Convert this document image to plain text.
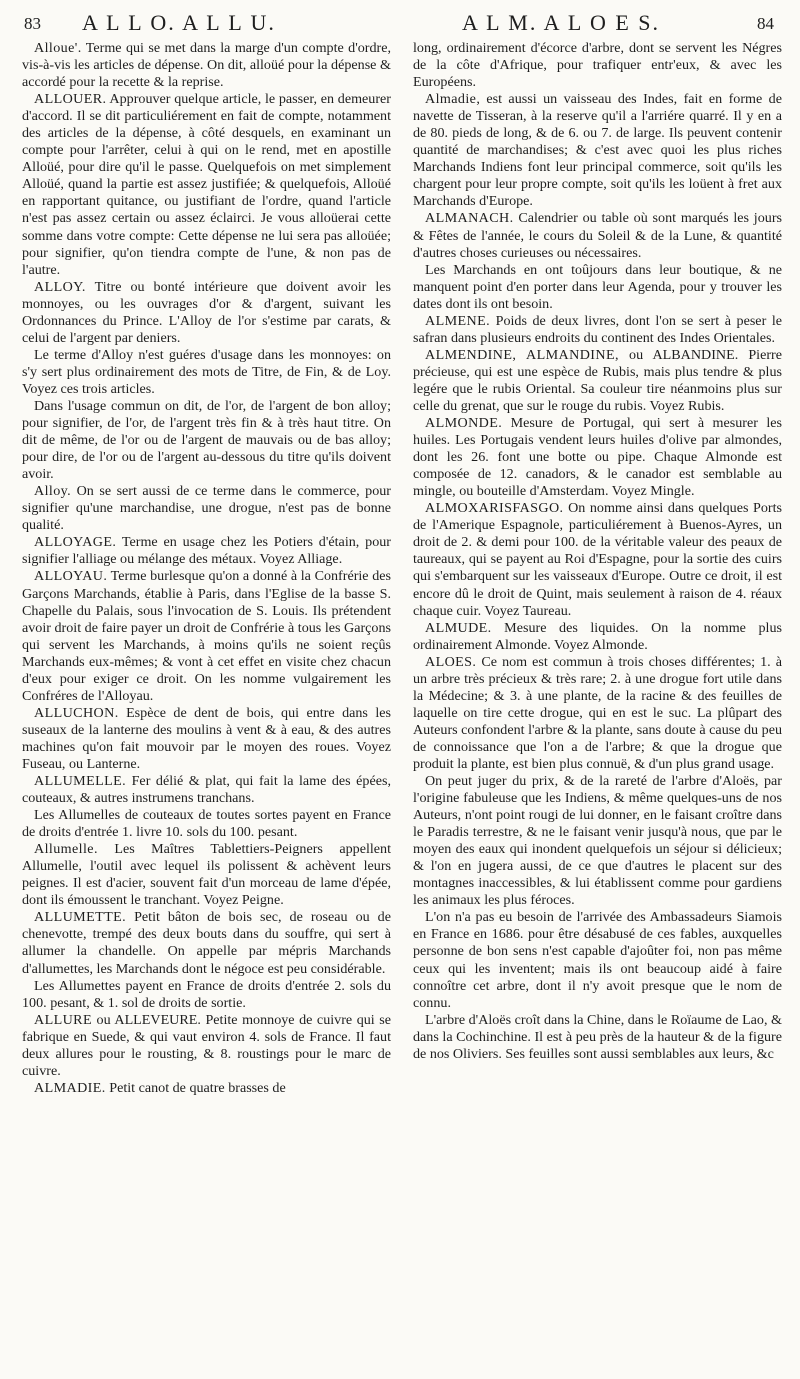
83 A L L O. A L L U.	A L M. A L O E S.	84

Alloue'. Terme qui se met dans la marge d'un compte d'ordre, vis-à-vis les articles de dépense. On dit, alloüé pour la dépense & accordé pour la recette & la reprise.

ALLOUER. Approuver quelque article, le passer, en demeurer d'accord. Il se dit particuliérement en fait de compte, notamment des articles de la dépense, à côté desquels, en examinant un compte pour l'arrêter, celui à qui on le rend, met en apostille Alloüé, pour dire qu'il le passe. Quelquefois on met simplement Alloüé, quand la partie est assez justifiée; & quelquefois, Alloüé en rapportant quitance, ou justifiant de l'ordre, quand l'article n'est pas assez certain ou assez éclairci. Je vous alloüerai cette somme dans votre compte: Cette dépense ne lui sera pas alloüée; pour signifier, qu'on tiendra compte de l'une, & non pas de l'autre.

ALLOY. Titre ou bonté intérieure que doivent avoir les monnoyes, ou les ouvrages d'or & d'argent, suivant les Ordonnances du Prince. L'Alloy de l'or s'estime par carats, & celui de l'argent par deniers.

Le terme d'Alloy n'est guéres d'usage dans les monnoyes: on s'y sert plus ordinairement des mots de Titre, de Fin, & de Loy. Voyez ces trois articles.

Dans l'usage commun on dit, de l'or, de l'argent de bon alloy; pour signifier, de l'or, de l'argent très fin & à très haut titre. On dit de même, de l'or ou de l'argent de mauvais ou de bas alloy; pour dire, de l'or ou de l'argent au-dessous du titre qu'ils doivent avoir.

Alloy. On se sert aussi de ce terme dans le commerce, pour signifier qu'une marchandise, une drogue, n'est pas de bonne qualité.

ALLOYAGE. Terme en usage chez les Potiers d'étain, pour signifier l'alliage ou mélange des métaux. Voyez Alliage.

ALLOYAU. Terme burlesque qu'on a donné à la Confrérie des Garçons Marchands, établie à Paris, dans l'Eglise de la basse S. Chapelle du Palais, sous l'invocation de S. Louis. Ils prétendent avoir droit de faire payer un droit de Confrérie à tous les Garçons qui servent les Marchands, à moins qu'ils ne soient reçûs Marchands eux-mêmes; & vont à cet effet en visite chez chacun d'eux pour exiger ce droit. On les nomme vulgairement les Confréres de l'Alloyau.

ALLUCHON. Espèce de dent de bois, qui entre dans les suseaux de la lanterne des moulins à vent & à eau, & des autres machines qu'on fait mouvoir par le moyen des roues. Voyez Fuseau, ou Lanterne.

ALLUMELLE. Fer délié & plat, qui fait la lame des épées, couteaux, & autres instrumens tranchans.

Les Allumelles de couteaux de toutes sortes payent en France de droits d'entrée 1. livre 10. sols du 100. pesant.

Allumelle. Les Maîtres Tablettiers-Peigners appellent Allumelle, l'outil avec lequel ils polissent & achèvent leurs peignes. Il est d'acier, souvent fait d'un morceau de lame d'épée, dont ils émoussent le tranchant. Voyez Peigne.

ALLUMETTE. Petit bâton de bois sec, de roseau ou de chenevotte, trempé des deux bouts dans du souffre, qui sert à allumer la chandelle. On appelle par mépris Marchands d'allumettes, les Marchands dont le négoce est peu considérable.

Les Allumettes payent en France de droits d'entrée 2. sols du 100. pesant, & 1. sol de droits de sortie.

ALLURE ou ALLEVEURE. Petite monnoye de cuivre qui se fabrique en Suede, & qui vaut environ 4. sols de France. Il faut deux allures pour le rousting, & 8. roustings pour le marc de cuivre.

ALMADIE. Petit canot de quatre brasses de

long, ordinairement d'écorce d'arbre, dont se servent les Négres de la côte d'Afrique, pour trafiquer entr'eux, & avec les Européens.

Almadie, est aussi un vaisseau des Indes, fait en forme de navette de Tisseran, à la reserve qu'il a l'arriére quarré. Il y en a de 80. pieds de long, & de 6. ou 7. de large. Ils peuvent contenir quantité de marchandises; & c'est avec quoi les plus riches Marchands Indiens font leur principal commerce, soit qu'ils les chargent pour leur propre compte, soit qu'ils les loüent à fret aux Marchands d'Europe.

ALMANACH. Calendrier ou table où sont marqués les jours & Fêtes de l'année, le cours du Soleil & de la Lune, & quantité d'autres choses curieuses ou nécessaires.

Les Marchands en ont toûjours dans leur boutique, & ne manquent point d'en porter dans leur Agenda, pour y trouver les dates dont ils ont besoin.

ALMENE. Poids de deux livres, dont l'on se sert à peser le safran dans plusieurs endroits du continent des Indes Orientales.

ALMENDINE, ALMANDINE, ou ALBANDINE. Pierre précieuse, qui est une espèce de Rubis, mais plus tendre & plus legére que le rubis Oriental. Sa couleur tire néanmoins plus sur celle du grenat, que sur le rouge du rubis. Voyez Rubis.

ALMONDE. Mesure de Portugal, qui sert à mesurer les huiles. Les Portugais vendent leurs huiles d'olive par almondes, dont les 26. font une botte ou pipe. Chaque Almonde est composée de 12. canadors, & le canador est semblable au mingle, ou bouteille d'Amsterdam. Voyez Mingle.

ALMOXARISFASGO. On nomme ainsi dans quelques Ports de l'Amerique Espagnole, particuliérement à Buenos-Ayres, un droit de 2. & demi pour 100. de la véritable valeur des peaux de taureaux, qui se payent au Roi d'Espagne, pour la sortie des cuirs qui s'embarquent sur les vaisseaux d'Europe. Outre ce droit, il est encore dû le droit de Quint, mais seulement à raison de 4. réaux chaque cuir. Voyez Taureau.

ALMUDE. Mesure des liquides. On la nomme plus ordinairement Almonde. Voyez Almonde.

ALOES. Ce nom est commun à trois choses différentes; 1. à un arbre très précieux & très rare; 2. à une drogue fort utile dans la Médecine; & 3. à une plante, de la racine & des feuilles de laquelle on tire cette drogue, qui en est le suc. La plûpart des Auteurs confondent l'arbre & la plante, sans doute à cause du peu de connoissance que l'on a de l'arbre; & que la drogue que produit la plante, est bien plus connuë, & d'un plus grand usage.

On peut juger du prix, & de la rareté de l'arbre d'Aloës, par l'origine fabuleuse que les Indiens, & même quelques-uns de nos Auteurs, n'ont point rougi de lui donner, en le faisant croître dans le Paradis terrestre, & ne le faisant venir jusqu'à nous, que par le moyen des eaux qui inondent quelquefois un séjour si délicieux; & l'on en jugera aussi, de ce que d'autres le placent sur des montagnes inaccessibles, & lui établissent comme pour gardiens les animaux les plus féroces.

L'on n'a pas eu besoin de l'arrivée des Ambassadeurs Siamois en France en 1686. pour être désabusé de ces fables, auxquelles personne de bon sens n'est capable d'ajoûter foi, non pas même ceux qui les inventent; mais ils ont beaucoup aidé à faire connoître cet arbre, dont il n'y avoit presque que le nom de connu.

L'arbre d'Aloës croît dans la Chine, dans le Roïaume de Lao, & dans la Cochinchine. Il est à peu près de la hauteur & de la figure de nos Oliviers. Ses feuilles sont aussi semblables aux leurs, &c
